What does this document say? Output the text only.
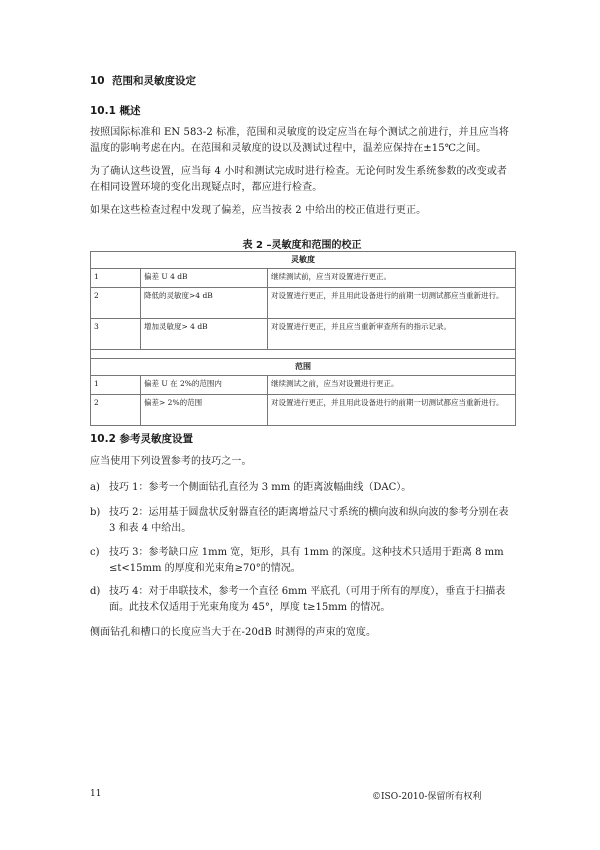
10 范围和灵敏度设定
10.1 概述
按照国际标准和 EN 583-2 标准，范围和灵敏度的设定应当在每个测试之前进行，并且应当将温度的影响考虑在内。在范围和灵敏度的设以及测试过程中，温差应保持在±15℃之间。
为了确认这些设置，应当每 4 小时和测试完成时进行检查。无论何时发生系统参数的改变或者在相同设置环境的变化出现疑点时，都应进行检查。
如果在这些检查过程中发现了偏差，应当按表 2 中给出的校正值进行更正。
表 2 –灵敏度和范围的校正
灵敏度		
1	偏差 U 4 dB	继续测试前，应当对设置进行更正。
2	降低的灵敏度>4 dB	对设置进行更正，并且用此设备进行的前期一切测试都应当重新进行。
3	增加灵敏度> 4 dB	对设置进行更正，并且应当重新审查所有的指示记录。

范围		
1	偏差 U 在 2%的范围内	继续测试之前，应当对设置进行更正。
2	偏差> 2%的范围	对设置进行更正，并且用此设备进行的前期一切测试都应当重新进行。
10.2 参考灵敏度设置
应当使用下列设置参考的技巧之一。
a) 技巧 1：参考一个侧面钻孔直径为 3 mm 的距离波幅曲线（DAC）。
b) 技巧 2：运用基于圆盘状反射器直径的距离增益尺寸系统的横向波和纵向波的参考分别在表 3 和表 4 中给出。
c) 技巧 3：参考缺口应 1mm 宽，矩形，具有 1mm 的深度。这种技术只适用于距离 8 mm ≤t<15mm 的厚度和光束角≥70°的情况。
d) 技巧 4：对于串联技术，参考一个直径 6mm 平底孔（可用于所有的厚度），垂直于扫描表面。此技术仅适用于光束角度为 45°，厚度 t≥15mm 的情况。
侧面钻孔和槽口的长度应当大于在-20dB 时测得的声束的宽度。
11	©ISO-2010-保留所有权利
